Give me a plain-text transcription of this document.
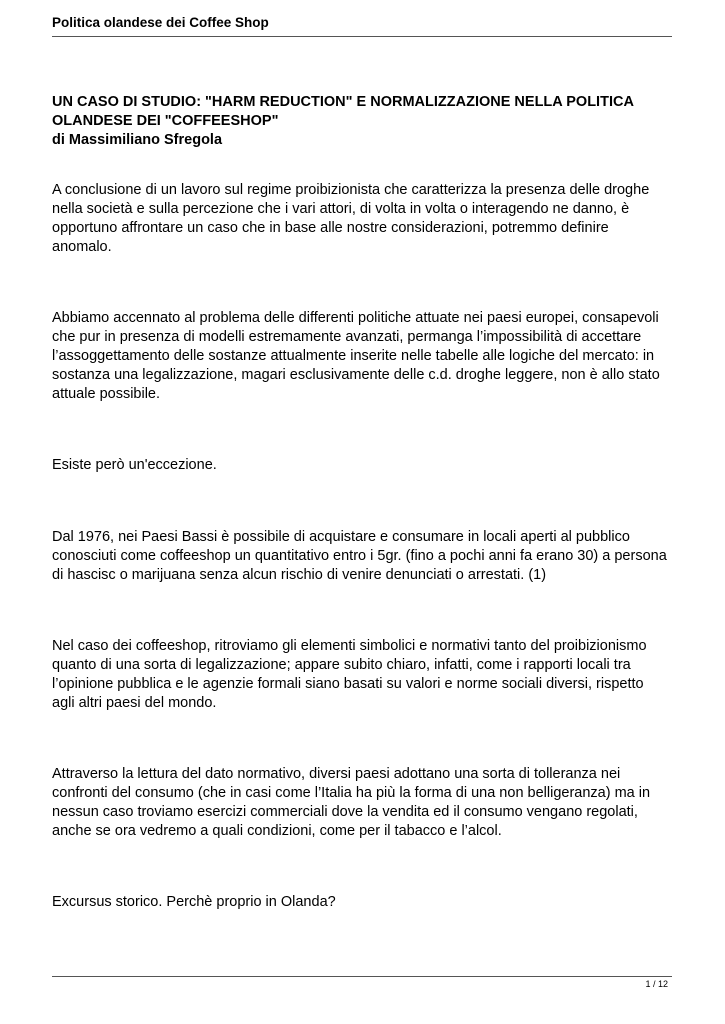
Politica olandese dei Coffee Shop
UN CASO DI STUDIO: "HARM REDUCTION" E NORMALIZZAZIONE NELLA POLITICA
OLANDESE DEI "COFFEESHOP"
di Massimiliano Sfregola
A conclusione di un lavoro sul regime proibizionista che caratterizza la presenza delle droghe
nella società e sulla percezione che i vari attori, di volta in volta o interagendo ne danno, è
opportuno affrontare un caso che in base alle nostre considerazioni, potremmo definire
anomalo.
Abbiamo accennato al problema delle differenti politiche attuate nei paesi europei, consapevoli
che pur in presenza di modelli estremamente avanzati, permanga l’impossibilità di accettare
l’assoggettamento delle sostanze attualmente inserite nelle tabelle alle logiche del mercato: in
sostanza una legalizzazione, magari esclusivamente delle c.d. droghe leggere, non è allo stato
attuale possibile.
Esiste però un'eccezione.
Dal 1976, nei Paesi Bassi è possibile di acquistare e consumare in locali aperti al pubblico
conosciuti come coffeeshop un quantitativo entro i 5gr. (fino a pochi anni fa erano 30) a persona
di hascisc o marijuana senza alcun rischio di venire denunciati o arrestati. (1)
Nel caso dei coffeeshop, ritroviamo gli elementi simbolici e normativi tanto del proibizionismo
quanto di una sorta di legalizzazione; appare subito chiaro, infatti, come i rapporti locali tra
l’opinione pubblica e le agenzie formali siano basati su valori e norme sociali diversi, rispetto
agli altri paesi del mondo.
Attraverso la lettura del dato normativo, diversi paesi adottano una sorta di tolleranza nei
confronti del consumo (che in casi come l’Italia ha più la forma di una non belligeranza) ma in
nessun caso troviamo esercizi commerciali dove la vendita ed il consumo vengano regolati,
anche se ora vedremo a quali condizioni, come per il tabacco e l’alcol.
Excursus storico. Perchè proprio in Olanda?
1 / 12
